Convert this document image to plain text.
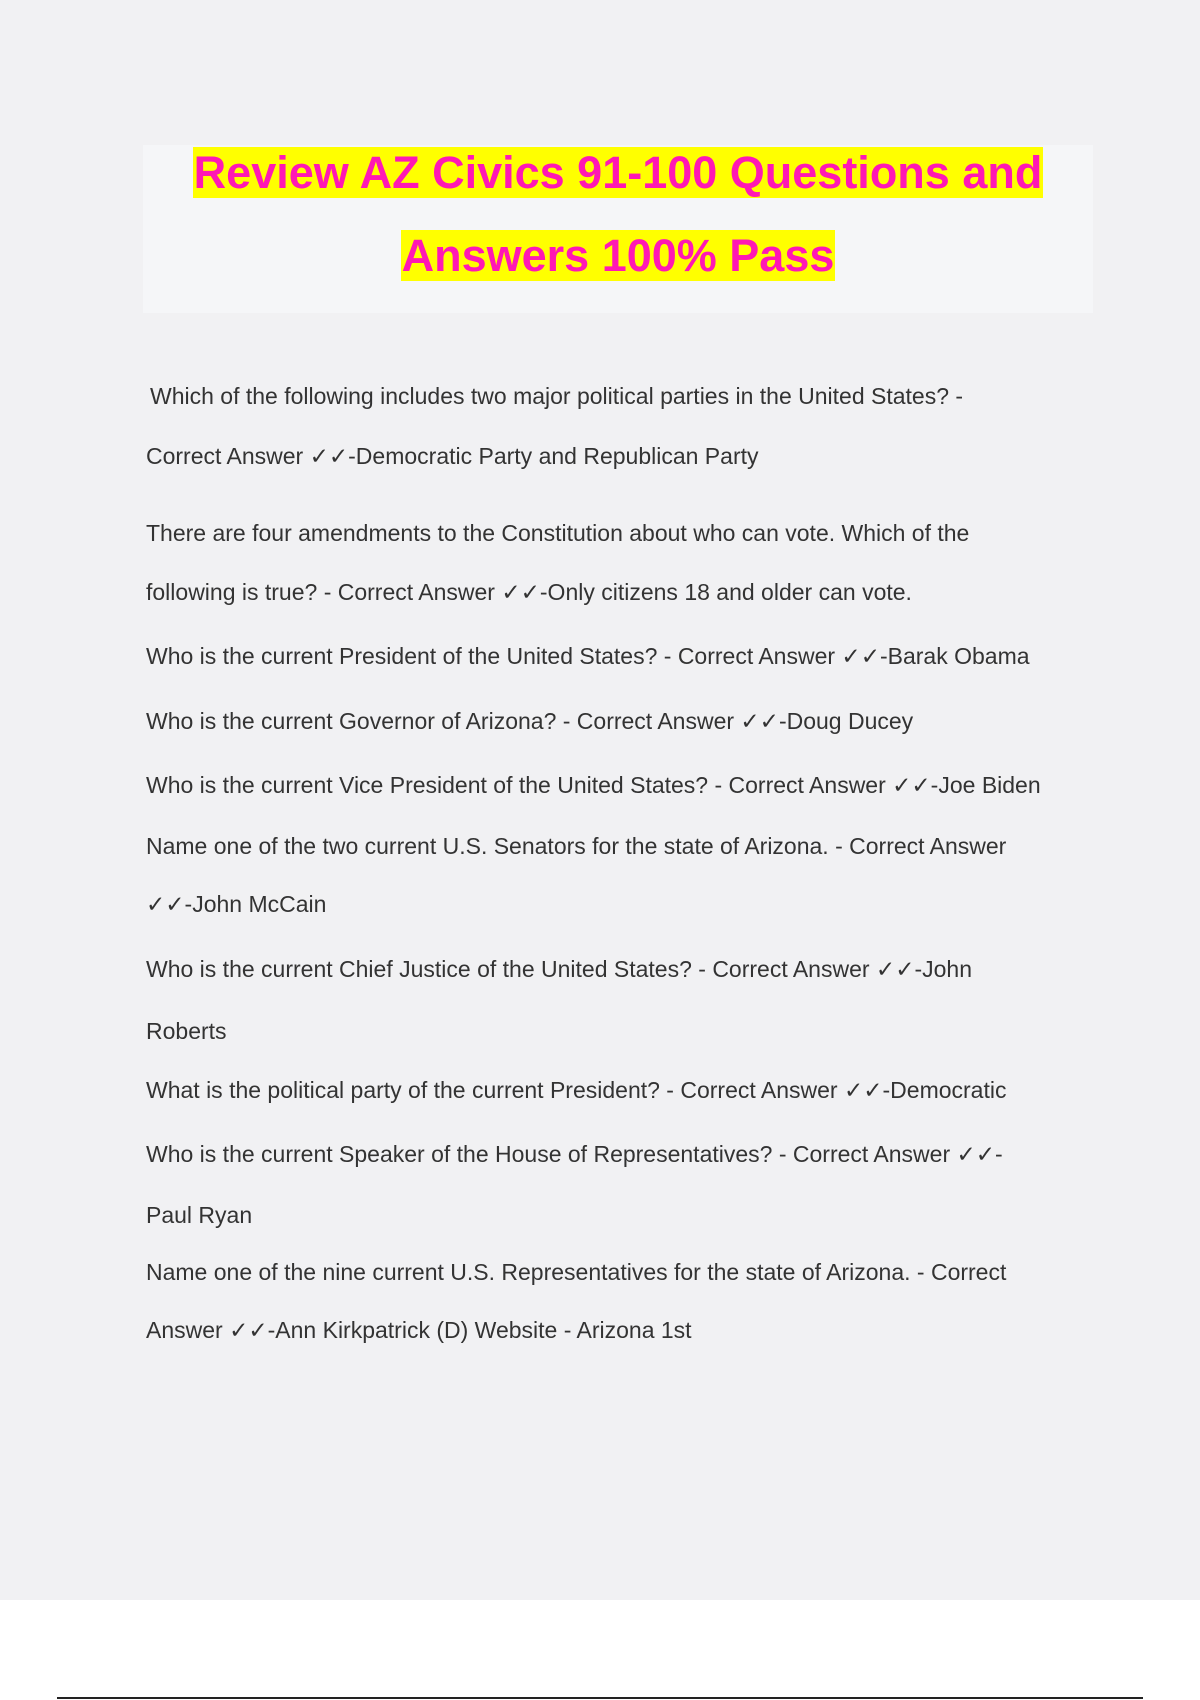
Review AZ Civics 91-100 Questions and
Answers 100% Pass
Which of the following includes two major political parties in the United States? -
Correct Answer ✓✓-Democratic Party and Republican Party
There are four amendments to the Constitution about who can vote. Which of the
following is true? - Correct Answer ✓✓-Only citizens 18 and older can vote.
Who is the current President of the United States? - Correct Answer ✓✓-Barak Obama
Who is the current Governor of Arizona? - Correct Answer ✓✓-Doug Ducey
Who is the current Vice President of the United States? - Correct Answer ✓✓-Joe Biden
Name one of the two current U.S. Senators for the state of Arizona. - Correct Answer
✓✓-John McCain
Who is the current Chief Justice of the United States? - Correct Answer ✓✓-John
Roberts
What is the political party of the current President? - Correct Answer ✓✓-Democratic
Who is the current Speaker of the House of Representatives? - Correct Answer ✓✓-
Paul Ryan
Name one of the nine current U.S. Representatives for the state of Arizona. - Correct
Answer ✓✓-Ann Kirkpatrick (D) Website - Arizona 1st
